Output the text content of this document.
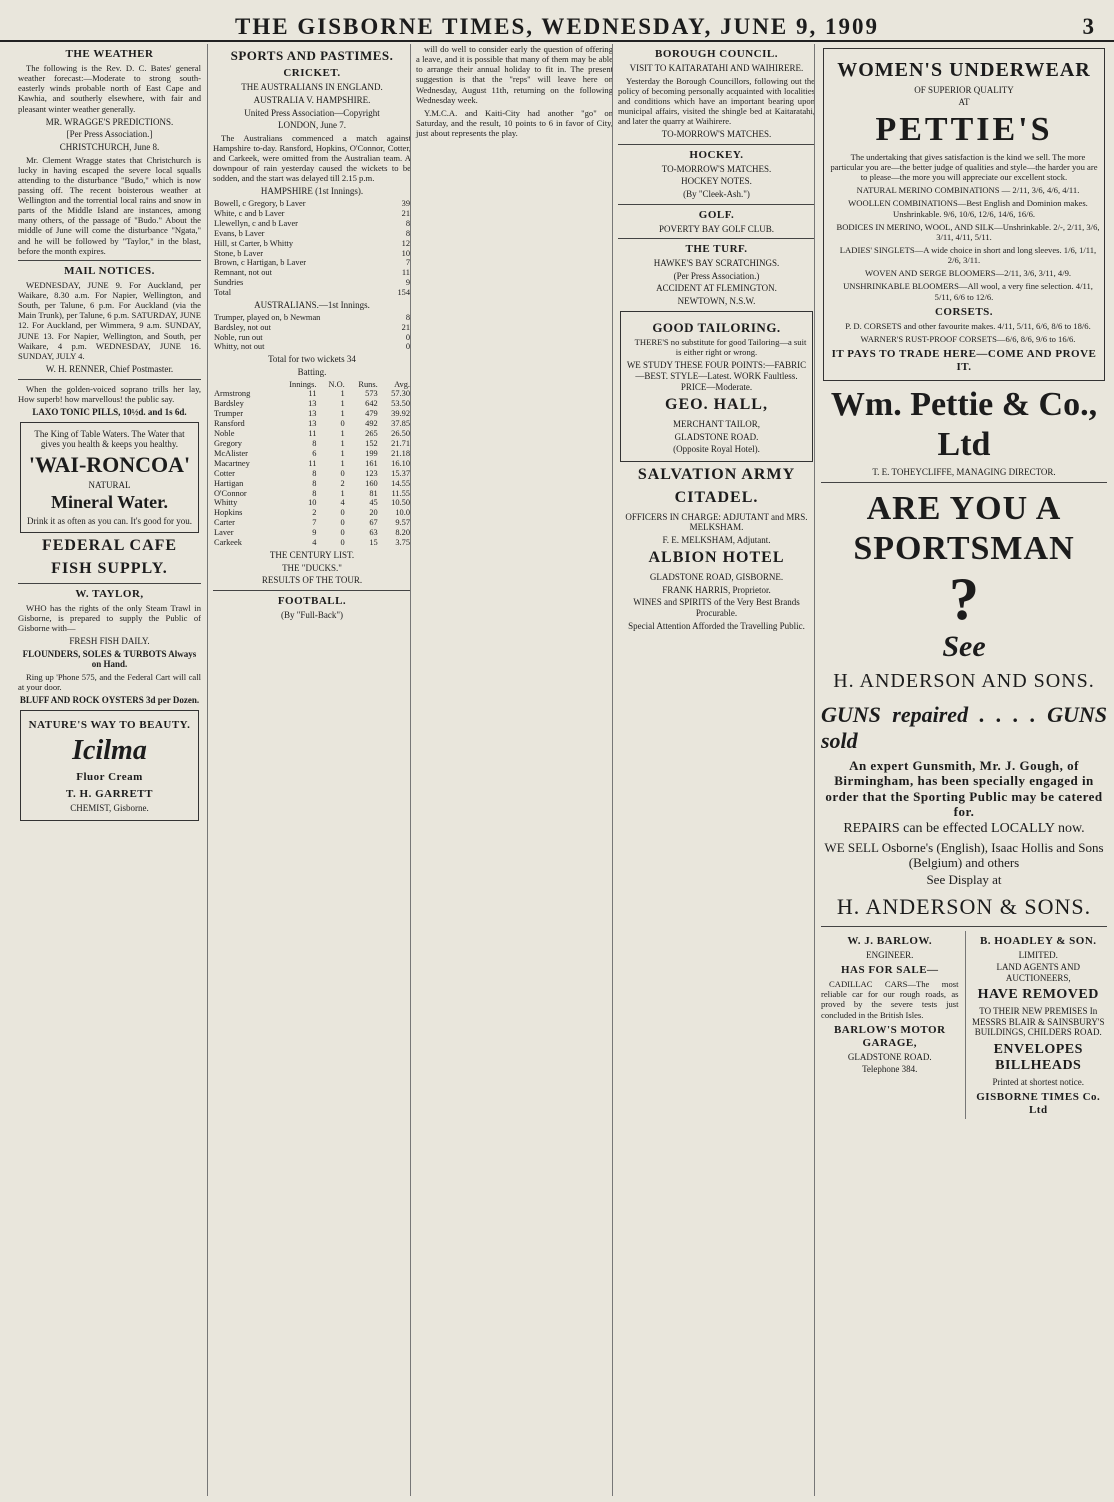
THE GISBORNE TIMES, WEDNESDAY, JUNE 9, 1909	3
THE WEATHER

The following is the Rev. D. C. Bates' general weather forecast:—Moderate to strong south-easterly winds probable north of East Cape and Kawhia, and southerly elsewhere, with fair and pleasant winter weather generally.

MR. WRAGGE'S PREDICTIONS.
[Per Press Association.]
CHRISTCHURCH, June 8.

Mr. Clement Wragge states that Christchurch is lucky in having escaped the severe local squalls attending to the disturbance "Budo," which is now passing off. The recent boisterous weather at Wellington and the torrential local rains and snow in parts of the Middle Island are instances, among many others, of the passage of "Budo." About the middle of June will come the disturbance "Ngata," and he will be followed by "Taylor," in the blast, before the month expires.

MAIL NOTICES.

WEDNESDAY, JUNE 9. For Auckland, per Waikare, 8.30 a.m. For Napier, Wellington, and South, per Talune, 6 p.m. For Auckland (via the Main Trunk), per Talune, 6 p.m. SATURDAY, JUNE 12. For Auckland, per Wimmera, 9 a.m. SUNDAY, JUNE 13. For Napier, Wellington, and South, per Waikare, 4 p.m. WEDNESDAY, JUNE 16. SUNDAY, JULY 4.

W. H. RENNER, Chief Postmaster.

When the golden-voiced soprano trills her lay, How superb! how marvellous! the public say.

LAXO TONIC PILLS, 10½d. and 1s 6d.
The King of Table Waters. The Water that gives you health & keeps you healthy.
'WAI-RONCOA'
NATURAL
Mineral Water.
Drink it as often as you can. It's good for you.
FEDERAL CAFE
FISH SUPPLY.
W. TAYLOR,

WHO has the rights of the only Steam Trawl in Gisborne, is prepared to supply the Public of Gisborne with—

FRESH FISH DAILY.
FLOUNDERS, SOLES & TURBOTS Always on Hand.

Ring up 'Phone 575, and the Federal Cart will call at your door.

BLUFF AND ROCK OYSTERS 3d per Dozen.
NATURE'S WAY TO BEAUTY.
Icilma
Fluor Cream
T. H. GARRETT
CHEMIST, Gisborne.
SPORTS AND PASTIMES.
CRICKET.
THE AUSTRALIANS IN ENGLAND.
AUSTRALIA V. HAMPSHIRE.
United Press Association—Copyright
LONDON, June 7.

The Australians commenced a match against Hampshire to-day. Ransford, Hopkins, O'Connor, Cotter, and Carkeek, were omitted from the Australian team. A downpour of rain yesterday caused the wickets to be sodden, and the start was delayed till 2.15 p.m.

HAMPSHIRE (1st Innings).
Bowell, c Gregory, b Laver	39
White, c and b Laver	21
Llewellyn, c and b Laver	8
Evans, b Laver	8
Hill, st Carter, b Whitty	12
Stone, b Laver	10
Brown, c Hartigan, b Laver	7
Remnant, not out	11
Sundries	9
Total	154
AUSTRALIANS.—1st Innings.
Trumper, played on, b Newman	8
Bardsley, not out	21
Noble, run out	0
Whitty, not out	0
Total for two wickets 34
Batting.
	Innings.	N.O.	Runs.	Avg.
Armstrong	11	1	573	57.30
Bardsley	13	1	642	53.50
Trumper	13	1	479	39.92
Ransford	13	0	492	37.85
Noble	11	1	265	26.50
Gregory	8	1	152	21.71
McAlister	6	1	199	21.18
Macartney	11	1	161	16.10
Cotter	8	0	123	15.37
Hartigan	8	2	160	14.55
O'Connor	8	1	81	11.55
Whitty	10	4	45	10.50
Hopkins	2	0	20	10.0
Carter	7	0	67	9.57
Laver	9	0	63	8.20
Carkeek	4	0	15	3.75
THE CENTURY LIST.
THE "DUCKS."
RESULTS OF THE TOUR.
FOOTBALL.
(By "Full-Back")

will do well to consider early the question of offering a leave, and it is possible that many of them may be able to arrange their annual holiday to fit in. The present suggestion is that the "reps" will leave here on Wednesday, August 11th, returning on the following Wednesday week.

Y.M.C.A. and Kaiti-City had another "go" on Saturday, and the result, 10 points to 6 in favor of City, just about represents the play.

BOROUGH COUNCIL.
VISIT TO KAITARATAHI AND WAIHIRERE.

Yesterday the Borough Councillors, following out the policy of becoming personally acquainted with localities and conditions which have an important bearing upon municipal affairs, visited the shingle bed at Kaitaratahi, and later the quarry at Waihirere.

TO-MORROW'S MATCHES.
HOCKEY.
TO-MORROW'S MATCHES.
HOCKEY NOTES.
(By "Cleek-Ash.")
GOLF.
POVERTY BAY GOLF CLUB.
THE TURF.
HAWKE'S BAY SCRATCHINGS.
(Per Press Association.)
ACCIDENT AT FLEMINGTON.
NEWTOWN, N.S.W.
GOOD TAILORING.

THERE'S no substitute for good Tailoring—a suit is either right or wrong.

WE STUDY THESE FOUR POINTS:—FABRIC—BEST. STYLE—Latest. WORK Faultless. PRICE—Moderate.
GEO. HALL,
MERCHANT TAILOR,
GLADSTONE ROAD.
(Opposite Royal Hotel).
SALVATION ARMY
CITADEL.
OFFICERS IN CHARGE: ADJUTANT and MRS. MELKSHAM.
F. E. MELKSHAM, Adjutant.
ALBION HOTEL
GLADSTONE ROAD, GISBORNE.
FRANK HARRIS, Proprietor.
WINES and SPIRITS of the Very Best Brands Procurable.
Special Attention Afforded the Travelling Public.
WOMEN'S UNDERWEAR
OF SUPERIOR QUALITY
AT
PETTIE'S

The undertaking that gives satisfaction is the kind we sell. The more particular you are—the better judge of qualities and style—the harder you are to please—the more you will appreciate our excellent stock.

NATURAL MERINO COMBINATIONS — 2/11, 3/6, 4/6, 4/11.

WOOLLEN COMBINATIONS—Best English and Dominion makes. Unshrinkable. 9/6, 10/6, 12/6, 14/6, 16/6.

BODICES IN MERINO, WOOL, AND SILK—Unshrinkable. 2/-, 2/11, 3/6, 3/11, 4/11, 5/11.

LADIES' SINGLETS—A wide choice in short and long sleeves. 1/6, 1/11, 2/6, 3/11.

WOVEN AND SERGE BLOOMERS—2/11, 3/6, 3/11, 4/9.

UNSHRINKABLE BLOOMERS—All wool, a very fine selection. 4/11, 5/11, 6/6 to 12/6.

CORSETS.

P. D. CORSETS and other favourite makes. 4/11, 5/11, 6/6, 8/6 to 18/6.

WARNER'S RUST-PROOF CORSETS—6/6, 8/6, 9/6 to 16/6.

IT PAYS TO TRADE HERE—COME AND PROVE IT.
Wm. Pettie & Co., Ltd
T. E. TOHEYCLIFFE, MANAGING DIRECTOR.
ARE YOU A SPORTSMAN
?
See
H. ANDERSON AND SONS.
GUNS repaired . . . . GUNS sold
An expert Gunsmith, Mr. J. Gough, of Birmingham, has been specially engaged in order that the Sporting Public may be catered for.
REPAIRS can be effected LOCALLY now.
WE SELL Osborne's (English), Isaac Hollis and Sons (Belgium) and others
See Display at
H. ANDERSON & SONS.
W. J. BARLOW.
ENGINEER.
HAS FOR SALE—

CADILLAC CARS—The most reliable car for our rough roads, as proved by the severe tests just concluded in the British Isles.

BARLOW'S MOTOR GARAGE,
GLADSTONE ROAD.
Telephone 384.
B. HOADLEY & SON.
LIMITED.
LAND AGENTS AND AUCTIONEERS,
HAVE REMOVED
TO THEIR NEW PREMISES In MESSRS BLAIR & SAINSBURY'S BUILDINGS, CHILDERS ROAD.
ENVELOPES BILLHEADS
Printed at shortest notice.
GISBORNE TIMES Co. Ltd
